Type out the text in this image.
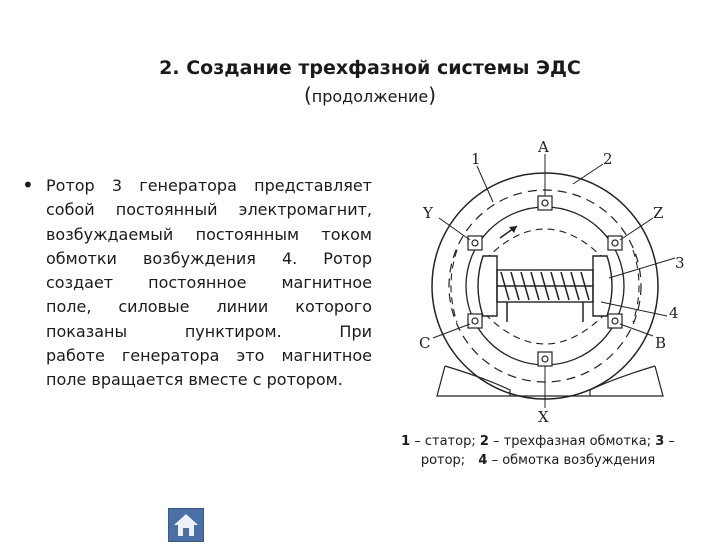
2. Создание трехфазной системы ЭДС
(продолжение)
• Ротор 3 генератора представляет
собой постоянный электромагнит,
возбуждаемый постоянным током
обмотки возбуждения 4. Ротор
создает постоянное магнитное
поле, силовые линии которого
показаны пунктиром. При
работе генератора это магнитное
поле вращается вместе с ротором.
A
X
Y	Z
B
C
1	2
3
4
1 – статор; 2 – трехфазная обмотка; 3 –
ротор;   4 – обмотка возбуждения
